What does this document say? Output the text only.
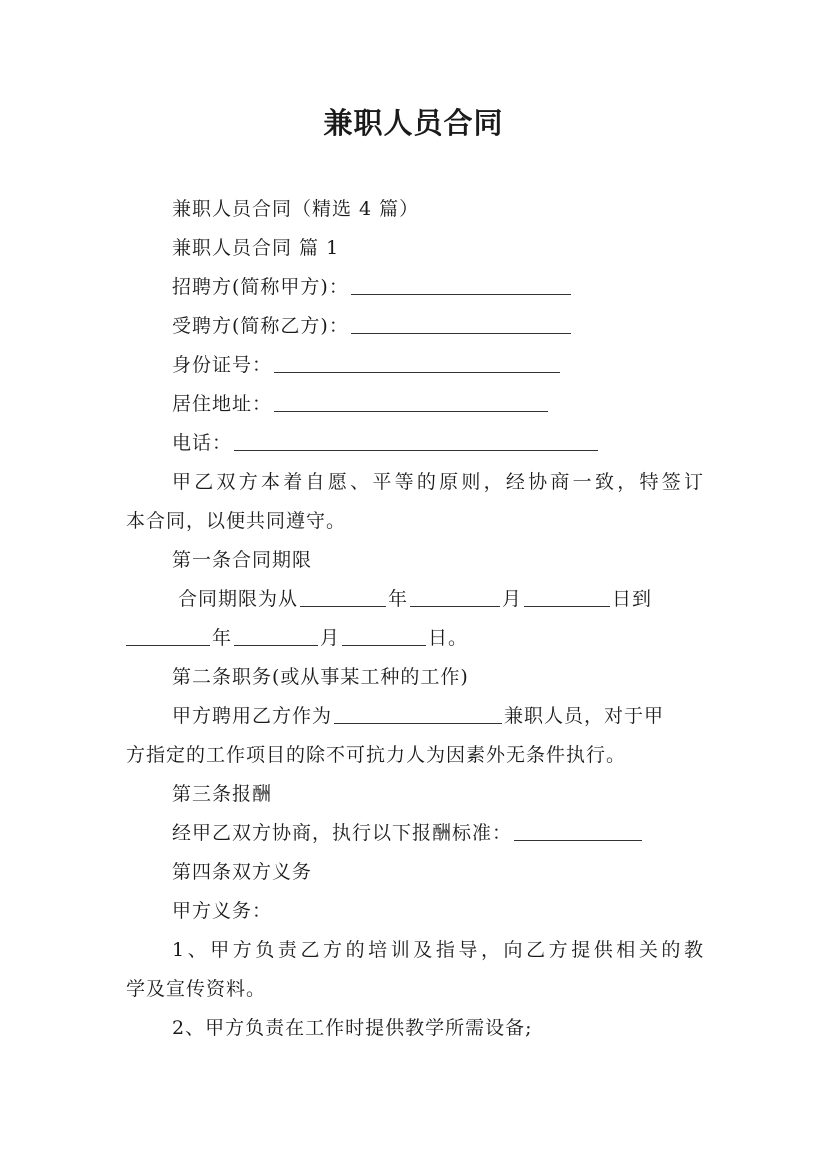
兼职人员合同
兼职人员合同（精选 4 篇）
兼职人员合同 篇 1
招聘方(简称甲方)：
受聘方(简称乙方)：
身份证号：
居住地址：
电话：
甲乙双方本着自愿、平等的原则，经协商一致，特签订
本合同，以便共同遵守。
第一条合同期限
合同期限为从	年	月	日到
年	月	日。
第二条职务(或从事某工种的工作)
甲方聘用乙方作为	兼职人员，对于甲
方指定的工作项目的除不可抗力人为因素外无条件执行。
第三条报酬
经甲乙双方协商，执行以下报酬标准：
第四条双方义务
甲方义务：
1、甲方负责乙方的培训及指导，向乙方提供相关的教
学及宣传资料。
2、甲方负责在工作时提供教学所需设备;
